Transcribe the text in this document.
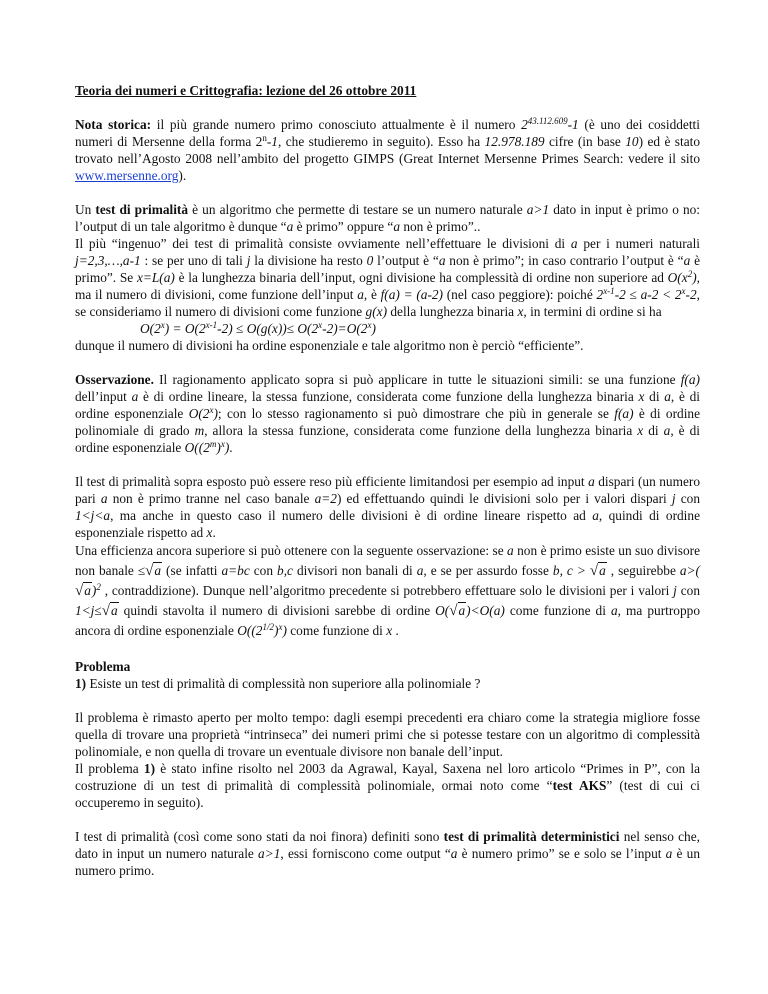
Teoria dei numeri e Crittografia: lezione del 26 ottobre 2011

Nota storica: il più grande numero primo conosciuto attualmente è il numero $2^{43.112.609}-1$ (è uno dei cosiddetti numeri di Mersenne della forma 2$^n$-1, che studieremo in seguito). Esso ha 12.978.189 cifre (in base 10) ed è stato trovato nell’Agosto 2008 nell’ambito del progetto GIMPS (Great Internet Mersenne Primes Search: vedere il sito www.mersenne.org).

Un test di primalità è un algoritmo che permette di testare se un numero naturale a>1 dato in input è primo o no: l’output di un tale algoritmo è dunque “a è primo” oppure “a non è primo”..

Il più “ingenuo” dei test di primalità consiste ovviamente nell’effettuare le divisioni di a per i numeri naturali j=2,3,…,a-1 : se per uno di tali j la divisione ha resto 0 l’output è “a non è primo”; in caso contrario l’output è “a è primo”. Se x=L(a) è la lunghezza binaria dell’input, ogni divisione ha complessità di ordine non superiore ad $O(x^2)$, ma il numero di divisioni, come funzione dell’input a, è f(a) = (a-2) (nel caso peggiore): poiché $2^{x-1}-2 \le a-2 < 2^x-2$, se consideriamo il numero di divisioni come funzione g(x) della lunghezza binaria x, in termini di ordine si ha

$O(2^x) = O(2^{x-1}-2) \le O(g(x))\le O(2^x-2)=O(2^x)$

dunque il numero di divisioni ha ordine esponenziale e tale algoritmo non è perciò “efficiente”.

Osservazione. Il ragionamento applicato sopra si può applicare in tutte le situazioni simili: se una funzione f(a) dell’input a è di ordine lineare, la stessa funzione, considerata come funzione della lunghezza binaria x di a, è di ordine esponenziale O(2$^x$); con lo stesso ragionamento si può dimostrare che più in generale se f(a) è di ordine polinomiale di grado m, allora la stessa funzione, considerata come funzione della lunghezza binaria x di a, è di ordine esponenziale $O((2^m)^x)$.

Il test di primalità sopra esposto può essere reso più efficiente limitandosi per esempio ad input a dispari (un numero pari a non è primo tranne nel caso banale a=2) ed effettuando quindi le divisioni solo per i valori dispari j con 1<j<a, ma anche in questo caso il numero delle divisioni è di ordine lineare rispetto ad a, quindi di ordine esponenziale rispetto ad x.

Una efficienza ancora superiore si può ottenere con la seguente osservazione: se a non è primo esiste un suo divisore non banale ≤√a (se infatti a=bc con b,c divisori non banali di a, e se per assurdo fosse b, c > √a , seguirebbe $a>(√a)^2$ , contraddizione). Dunque nell’algoritmo precedente si potrebbero effettuare solo le divisioni per i valori j con 1<j≤√a quindi stavolta il numero di divisioni sarebbe di ordine O(√a)<O(a) come funzione di a, ma purtroppo ancora di ordine esponenziale $O((2^{1/2})^x)$ come funzione di x .

Problema

1) Esiste un test di primalità di complessità non superiore alla polinomiale ?

Il problema è rimasto aperto per molto tempo: dagli esempi precedenti era chiaro come la strategia migliore fosse quella di trovare una proprietà “intrinseca” dei numeri primi che si potesse testare con un algoritmo di complessità polinomiale, e non quella di trovare un eventuale divisore non banale dell’input.

Il problema 1) è stato infine risolto nel 2003 da Agrawal, Kayal, Saxena nel loro articolo “Primes in P”, con la costruzione di un test di primalità di complessità polinomiale, ormai noto come “test AKS” (test di cui ci occuperemo in seguito).

I test di primalità (così come sono stati da noi finora) definiti sono test di primalità deterministici nel senso che, dato in input un numero naturale a>1, essi forniscono come output “a è numero primo” se e solo se l’input a è un numero primo.
